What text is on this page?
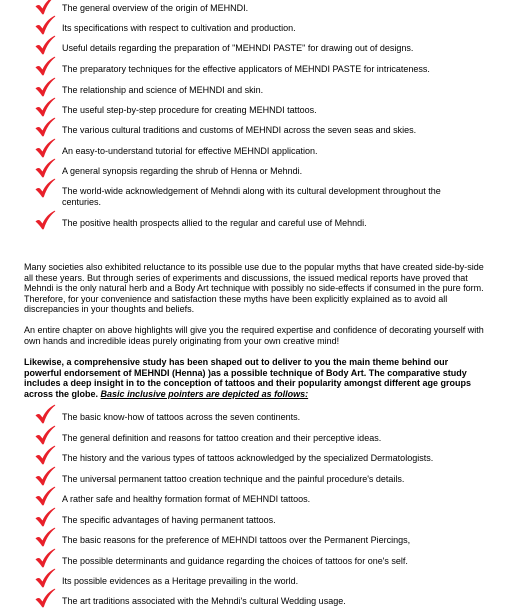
The general overview of the origin of MEHNDI.
Its specifications with respect to cultivation and production.
Useful details regarding the preparation of "MEHNDI PASTE" for drawing out of designs.
The preparatory techniques for the effective applicators of MEHNDI PASTE for intricateness.
The relationship and science of MEHNDI and skin.
The useful step-by-step procedure for creating MEHNDI tattoos.
The various cultural traditions and customs of MEHNDI across the seven seas and skies.
An easy-to-understand tutorial for effective MEHNDI application.
A general synopsis regarding the shrub of Henna or Mehndi.
The world-wide acknowledgement of Mehndi along with its cultural development throughout the centuries.
The positive health prospects allied to the regular and careful use of Mehndi.

Many societies also exhibited reluctance to its possible use due to the popular myths that have created side-by-side all these years. But through series of experiments and discussions, the issued medical reports have proved that Mehndi is the only natural herb and a Body Art technique with possibly no side-effects if consumed in the pure form. Therefore, for your convenience and satisfaction these myths have been explicitly explained as to avoid all discrepancies in your thoughts and beliefs.

An entire chapter on above highlights will give you the required expertise and confidence of decorating yourself with own hands and incredible ideas purely originating from your own creative mind!

Likewise, a comprehensive study has been shaped out to deliver to you the main theme behind our powerful endorsement of MEHNDI (Henna) )as a possible technique of Body Art. The comparative study includes a deep insight in to the conception of tattoos and their popularity amongst different age groups across the globe. Basic inclusive pointers are depicted as follows:

The basic know-how of tattoos across the seven continents.
The general definition and reasons for tattoo creation and their perceptive ideas.
The history and the various types of tattoos acknowledged by the specialized Dermatologists.
The universal permanent tattoo creation technique and the painful procedure's details.
A rather safe and healthy formation format of MEHNDI tattoos.
The specific advantages of having permanent tattoos.
The basic reasons for the preference of MEHNDI tattoos over the Permanent Piercings,
The possible determinants and guidance regarding the choices of tattoos for one's self.
Its possible evidences as a Heritage prevailing in the world.
The art traditions associated with the Mehndi's cultural Wedding usage.
